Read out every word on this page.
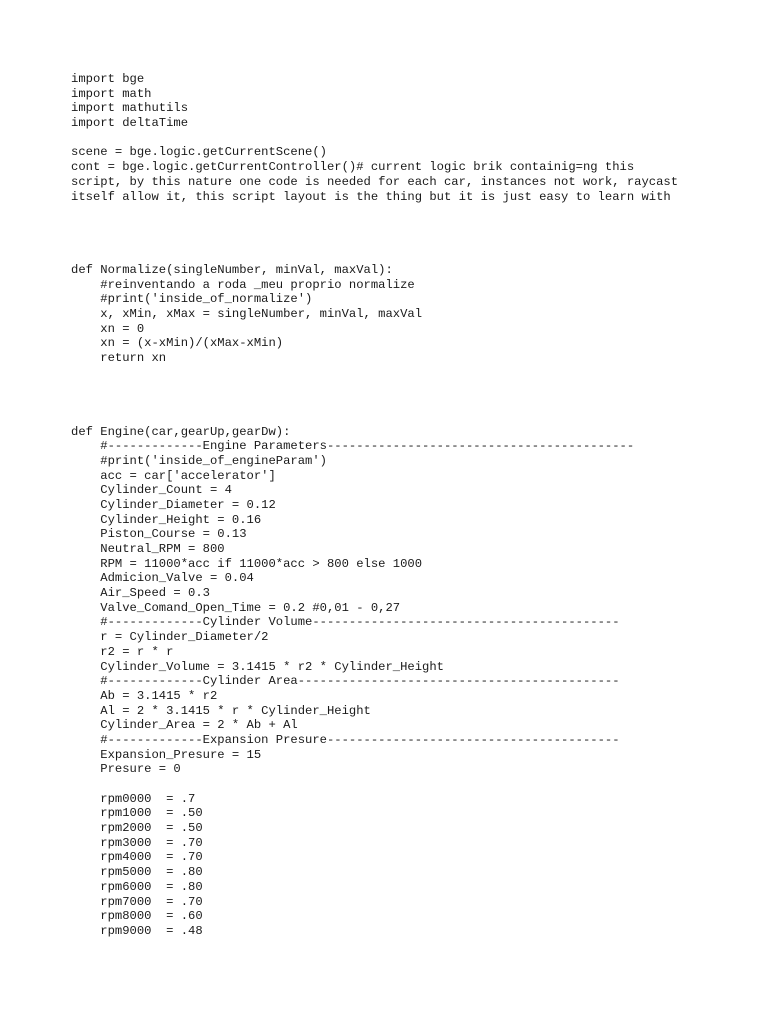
import bge
import math
import mathutils
import deltaTime

scene = bge.logic.getCurrentScene()
cont = bge.logic.getCurrentController()# current logic brik containig=ng this
script, by this nature one code is needed for each car, instances not work, raycast
itself allow it, this script layout is the thing but it is just easy to learn with

def Normalize(singleNumber, minVal, maxVal):
#reinventando a roda _meu proprio normalize
#print('inside_of_normalize')
x, xMin, xMax = singleNumber, minVal, maxVal
xn = 0
xn = (x-xMin)/(xMax-xMin)
return xn

def Engine(car,gearUp,gearDw):
#-------------Engine Parameters------------------------------------------
#print('inside_of_engineParam')
acc = car['accelerator']
Cylinder_Count = 4
Cylinder_Diameter = 0.12
Cylinder_Height = 0.16
Piston_Course = 0.13
Neutral_RPM = 800
RPM = 11000*acc if 11000*acc > 800 else 1000
Admicion_Valve = 0.04
Air_Speed = 0.3
Valve_Comand_Open_Time = 0.2 #0,01 - 0,27
#-------------Cylinder Volume------------------------------------------
r = Cylinder_Diameter/2
r2 = r * r
Cylinder_Volume = 3.1415 * r2 * Cylinder_Height
#-------------Cylinder Area--------------------------------------------
Ab = 3.1415 * r2
Al = 2 * 3.1415 * r * Cylinder_Height
Cylinder_Area = 2 * Ab + Al
#-------------Expansion Presure----------------------------------------
Expansion_Presure = 15
Presure = 0

rpm0000  = .7
rpm1000  = .50
rpm2000  = .50
rpm3000  = .70
rpm4000  = .70
rpm5000  = .80
rpm6000  = .80
rpm7000  = .70
rpm8000  = .60
rpm9000  = .48
